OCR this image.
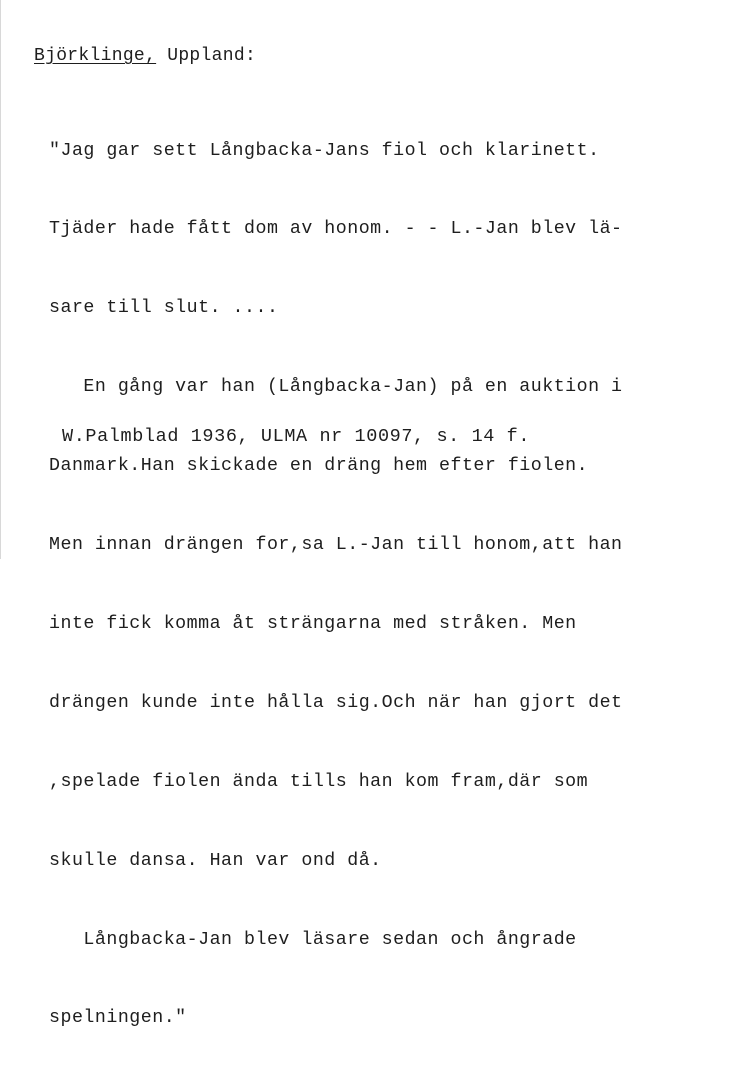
Björklinge, Uppland:

"Jag gar sett Långbacka-Jans fiol och klarinett.

Tjäder hade fått dom av honom. - - L.-Jan blev lä-

sare till slut. ....

En gång var han (Långbacka-Jan) på en auktion i

Danmark.Han skickade en dräng hem efter fiolen.

Men innan drängen for,sa L.-Jan till honom,att han

inte fick komma åt strängarna med stråken. Men

drängen kunde inte hålla sig.Och när han gjort det

,spelade fiolen ända tills han kom fram,där som

skulle dansa. Han var ond då.

Långbacka-Jan blev läsare sedan och ångrade

spelningen."

W.Palmblad 1936, ULMA nr 10097, s. 14 f.
